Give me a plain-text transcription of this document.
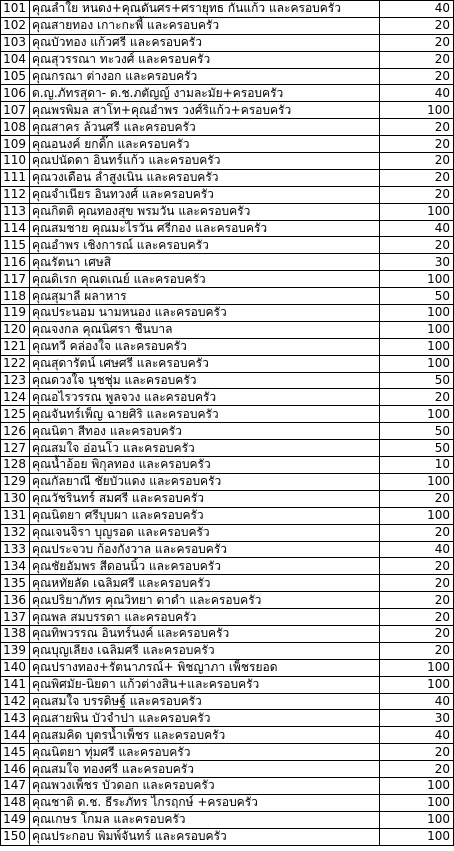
101	คุณลำใย หนดง+คุณดันศร+ศรายุทธ กันแก้ว และครอบครัว	40
102	คุณสายทอง เกาะกะพี้ และครอบครัว	20
103	คุณบัวทอง แก้วศรี และครอบครัว	20
104	คุณสุวรรณา ทะวงศ์ และครอบครัว	20
105	คุณกรณา ต่างอก และครอบครัว	20
106	ด.ญ.ภัทรสุดา- ด.ช.ภตัญญ์ งามละมัย+ครอบครัว	40
107	คุณพรพิมล สาโท+คุณอำพร วงศ์ริแก้ว+ครอบครัว	100
108	คุณสาคร ล้วนศรี และครอบครัว	20
109	คุณอนงค์ ยกดิ๊ก และครอบครัว	20
110	คุณปนัดดา อินทร์แก้ว และครอบครัว	20
111	คุณวงเดือน ล่ำสูงเนิน และครอบครัว	20
112	คุณจำเนียร อินทวงศ์ และครอบครัว	20
113	คุณกิตติ คุณทองสุข พรมวัน และครอบครัว	100
114	คุณสมชาย คุณมะไรวัน ศรีกอง และครอบครัว	40
115	คุณอำพร เชิงการณ์ และครอบครัว	20
116	คุณรัตนา เศษสิ	30
117	คุณดิเรก คุณดเณย์ และครอบครัว	100
118	คุณสุมาลี ผลาหาร	50
119	คุณประนอม นามหนอง และครอบครัว	100
120	คุณจงกล คุณนิศรา ชื่นบาล	100
121	คุณทวี คล่องใจ และครอบครัว	100
122	คุณสุดารัตน์ เศษศรี และครอบครัว	100
123	คุณดวงใจ นุชชุ่ม และครอบครัว	50
124	คุณอไรวรรณ พูลจวง และครอบครัว	20
125	คุณจันทร์เพ็ญ ฉายศิริ และครอบครัว	100
126	คุณนิตา สีทอง และครอบครัว	50
127	คุณสมใจ อ่อนโว และครอบครัว	50
128	คุณน้ำอ้อย พิกุลทอง และครอบครัว	10
129	คุณกัลยาณี ชัยบัวแดง และครอบครัว	100
130	คุณวัชรินทร์ สมศรี และครอบครัว	20
131	คุณนิตยา ศรีบุบผา และครอบครัว	100
132	คุณเจนจิรา บุญรอด และครอบครัว	20
133	คุณประจวบ ก้องกังวาล และครอบครัว	40
134	คุณชัยอัมพร สีดอนนิ้ว และครอบครัว	20
135	คุณหทัยลัด เฉลิมศรี และครอบครัว	20
136	คุณปริยาภัทร คุณวิทยา ดาดำ และครอบครัว	20
137	คุณพล สมบรรดา และครอบครัว	20
138	คุณทิพวรรณ อินทร์นงค์ และครอบครัว	20
139	คุณบุญเลียง เฉลิมศรี และครอบครัว	20
140	คุณปรางทอง+รัตนาภรณ์+ พิชญาภา เพ็ชรยอด	100
141	คุณพิศมัย-นิยดา แก้วต่างสิน+และครอบครัว	100
142	คุณสมใจ บรรดิษฐ์ และครอบครัว	40
143	คุณสายพิน บัวจำปา และครอบครัว	30
144	คุณสมคิด บุตรน้ำเพ็ชร และครอบครัว	40
145	คุณนิตยา ทุ่มศรี และครอบครัว	20
146	คุณสมใจ ทองศรี และครอบครัว	20
147	คุณพวงเพ็ชร บัวดอก และครอบครัว	100
148	คุณชาติ ด.ช. ธีระภัทร ไกรฤกษ์ +ครอบครัว	100
149	คุณเกษร โกมล และครอบครัว	100
150	คุณประกอบ พิมพ์จันทร์ และครอบครัว	100
